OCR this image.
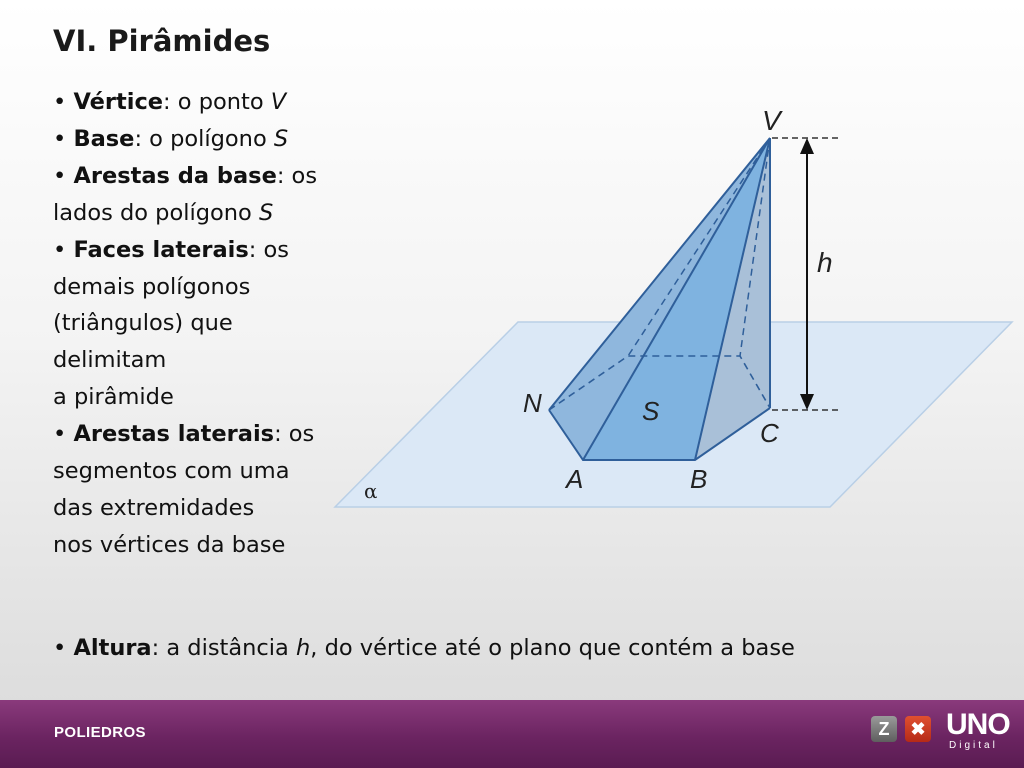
VI. Pirâmides

• Vértice: o ponto V

• Base: o polígono S

• Arestas da base: os lados do polígono S

• Faces laterais: os
demais polígonos
(triângulos) que
delimitam
a pirâmide

• Arestas laterais: os
segmentos com uma
das extremidades
nos vértices da base

V
h
S
N
C
A	B
α
• Altura: a distância h, do vértice até o plano que contém a base
POLIEDROS	Z	✖ UNO
Digital
